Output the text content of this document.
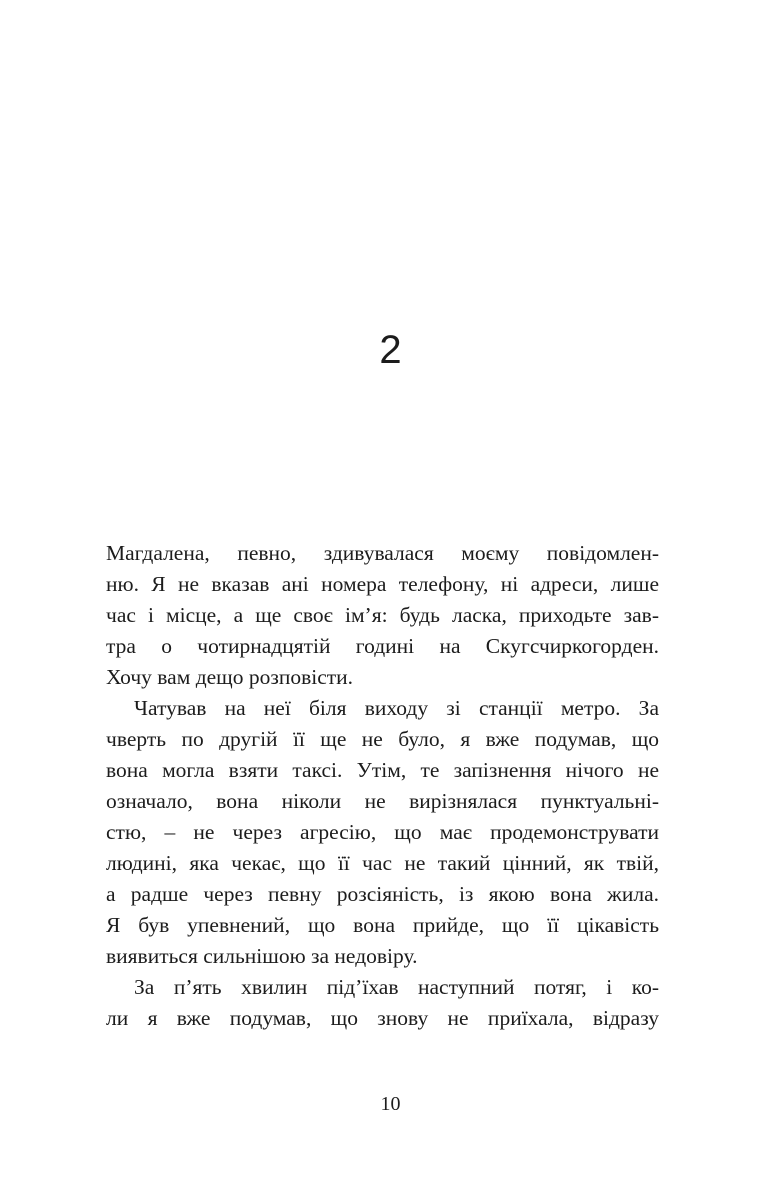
2
Магдалена, певно, здивувалася моєму повідомлен-
ню. Я не вказав ані номера телефону, ні адреси, лише
час і місце, а ще своє ім’я: будь ласка, приходьте зав-
тра о чотирнадцятій годині на Скугсчиркогорден.
Хочу вам дещо розповісти.
Чатував на неї біля виходу зі станції метро. За
чверть по другій її ще не було, я вже подумав, що
вона могла взяти таксі. Утім, те запізнення нічого не
означало, вона ніколи не вирізнялася пунктуальні-
стю, – не через агресію, що має продемонструвати
людині, яка чекає, що її час не такий цінний, як твій,
а радше через певну розсіяність, із якою вона жила.
Я був упевнений, що вона прийде, що її цікавість
виявиться сильнішою за недовіру.
За п’ять хвилин під’їхав наступний потяг, і ко-
ли я вже подумав, що знову не приїхала, відразу
10
